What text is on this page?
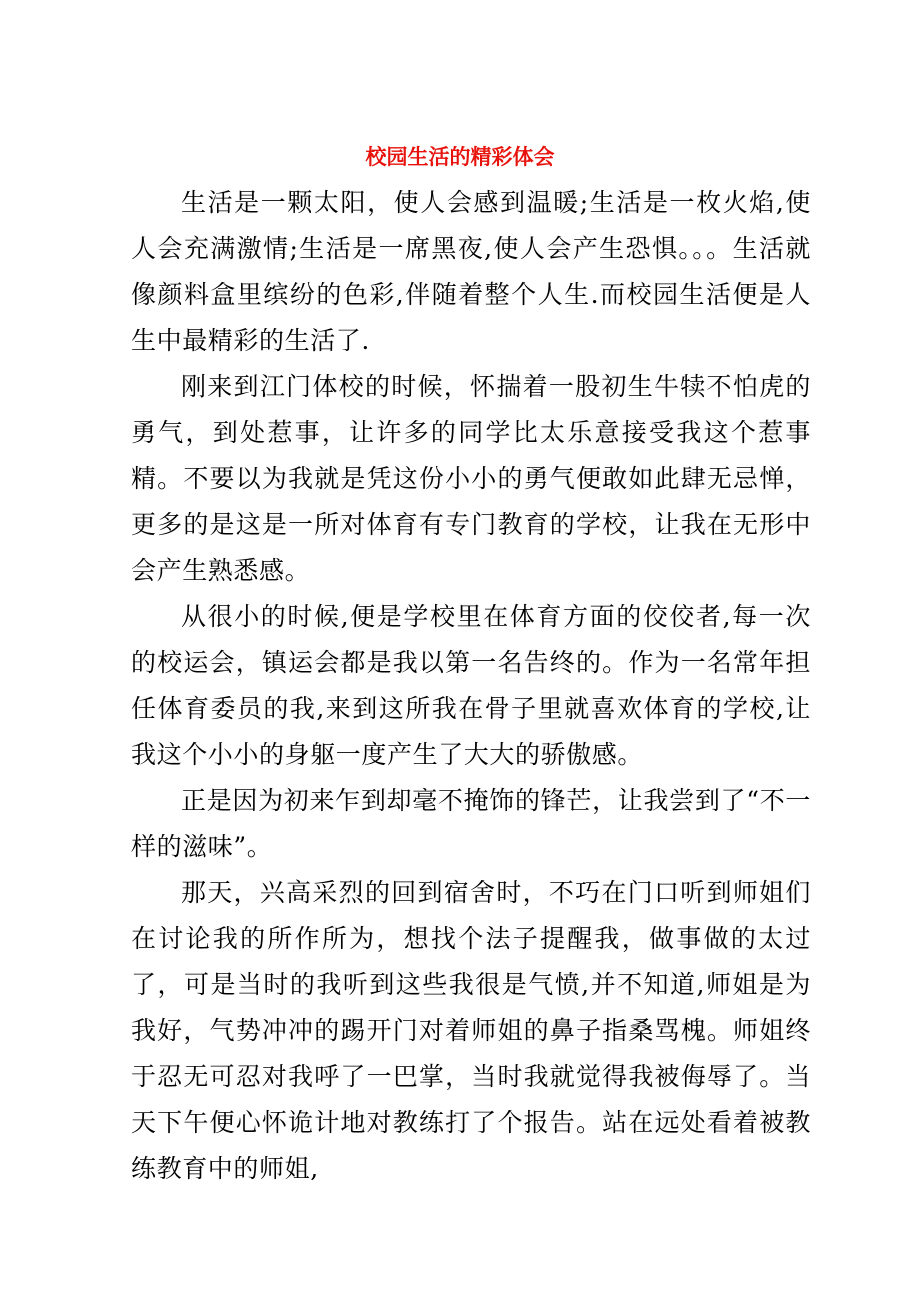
校园生活的精彩体会

生活是一颗太阳，使人会感到温暖;生活是一枚火焰,使人会充满激情;生活是一席黑夜,使人会产生恐惧。。。生活就像颜料盒里缤纷的色彩,伴随着整个人生.而校园生活便是人生中最精彩的生活了.

刚来到江门体校的时候，怀揣着一股初生牛犊不怕虎的勇气，到处惹事，让许多的同学比太乐意接受我这个惹事精。不要以为我就是凭这份小小的勇气便敢如此肆无忌惮，更多的是这是一所对体育有专门教育的学校，让我在无形中会产生熟悉感。

从很小的时候,便是学校里在体育方面的佼佼者,每一次的校运会，镇运会都是我以第一名告终的。作为一名常年担任体育委员的我,来到这所我在骨子里就喜欢体育的学校,让我这个小小的身躯一度产生了大大的骄傲感。

正是因为初来乍到却毫不掩饰的锋芒，让我尝到了“不一样的滋味”。

那天，兴高采烈的回到宿舍时，不巧在门口听到师姐们在讨论我的所作所为，想找个法子提醒我，做事做的太过了，可是当时的我听到这些我很是气愤,并不知道,师姐是为我好，气势冲冲的踢开门对着师姐的鼻子指桑骂槐。师姐终于忍无可忍对我呼了一巴掌，当时我就觉得我被侮辱了。当天下午便心怀诡计地对教练打了个报告。站在远处看着被教练教育中的师姐,
